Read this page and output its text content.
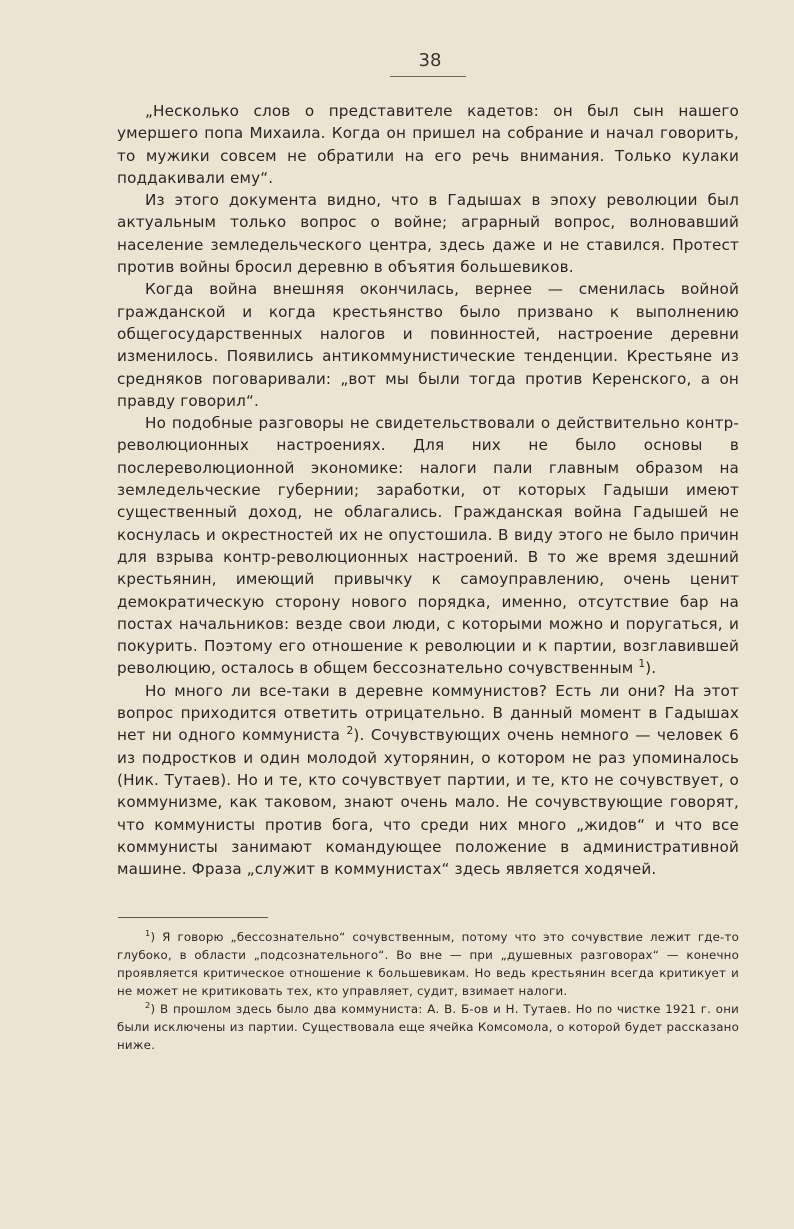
38

„Несколько слов о представителе кадетов: он был сын нашего умершего попа Михаила. Когда он пришел на собрание и начал говорить, то мужики совсем не обратили на его речь внимания. Только кулаки поддакивали ему“.

Из этого документа видно, что в Гадышах в эпоху революции был актуальным только вопрос о войне; аграрный вопрос, волновавший население земледельческого центра, здесь даже и не ставился. Протест против войны бросил деревню в объятия большевиков.

Когда война внешняя окончилась, вернее — сменилась войной гражданской и когда крестьянство было призвано к выполнению общегосударственных налогов и повинностей, настроение деревни изменилось. Появились антикоммунистические тенденции. Крестьяне из средняков поговаривали: „вот мы были тогда против Керенского, а он правду говорил“.

Но подобные разговоры не свидетельствовали о действительно контр-революционных настроениях. Для них не было основы в послереволюционной экономике: налоги пали главным образом на земледельческие губернии; заработки, от которых Гадыши имеют существенный доход, не облагались. Гражданская война Гадышей не коснулась и окрестностей их не опустошила. В виду этого не было причин для взрыва контр-революционных настроений. В то же время здешний крестьянин, имеющий привычку к самоуправлению, очень ценит демократическую сторону нового порядка, именно, отсутствие бар на постах начальников: везде свои люди, с которыми можно и поругаться, и покурить. Поэтому его отношение к революции и к партии, возглавившей революцию, осталось в общем бессознательно сочувственным $^1$).

Но много ли все-таки в деревне коммунистов? Есть ли они? На этот вопрос приходится ответить отрицательно. В данный момент в Гадышах нет ни одного коммуниста $^2$). Сочувствующих очень немного — человек 6 из подростков и один молодой хуторянин, о котором не раз упоминалось (Ник. Тутаев). Но и те, кто сочувствует партии, и те, кто не сочувствует, о коммунизме, как таковом, знают очень мало. Не сочувствующие говорят, что коммунисты против бога, что среди них много „жидов“ и что все коммунисты занимают командующее положение в административной машине. Фраза „служит в коммунистах“ здесь является ходячей.

$^1$) Я говорю „бессознательно“ сочувственным, потому что это сочувствие лежит где-то глубоко, в области „подсознательного“. Во вне — при „душевных разговорах“ — конечно проявляется критическое отношение к большевикам. Но ведь крестьянин всегда критикует и не может не критиковать тех, кто управляет, судит, взимает налоги.

$^2$) В прошлом здесь было два коммуниста: А. В. Б-ов и Н. Тутаев. Но по чистке 1921 г. они были исключены из партии. Существовала еще ячейка Комсомола, о которой будет рассказано ниже.
